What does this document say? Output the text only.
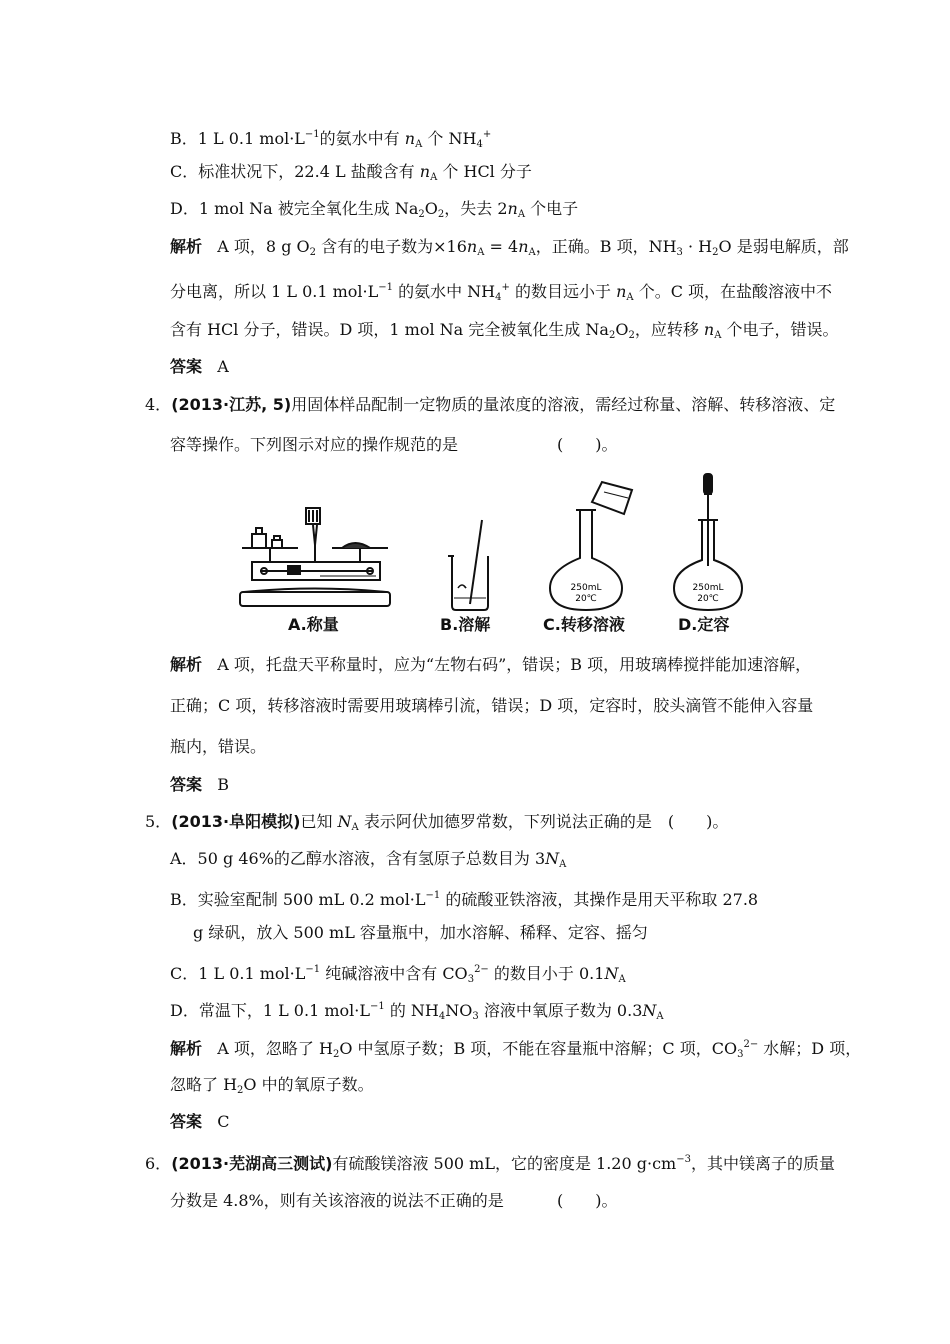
B．1 L 0.1 $mol\cdot L^{-1}$的氨水中有 $n_A$ 个 $NH_4^+$
C．标准状况下，22.4 L 盐酸含有 $n_A$ 个 HCl 分子
D．1 mol Na 被完全氧化生成 $Na_2O_2$，失去 $2n_A$ 个电子
解析 A 项，8 g $O_2$ 含有的电子数为$\times 16n_A = 4n_A$，正确。B 项，$NH_3 \cdot H_2O$ 是弱电解质，部
分电离，所以 1 L 0.1 $mol\cdot L^{-1}$ 的氨水中 $NH_4^+$ 的数目远小于 $n_A$ 个。C 项，在盐酸溶液中不
含有 HCl 分子，错误。D 项，1 mol Na 完全被氧化生成 $Na_2O_2$，应转移 $n_A$ 个电子，错误。
答案 A
4．(2013·江苏, 5)用固体样品配制一定物质的量浓度的溶液，需经过称量、溶解、转移溶液、定
容等操作。下列图示对应的操作规范的是	(　　)。
250mL
20℃
250mL
20℃
A.称量	B.溶解	C.转移溶液	D.定容
解析 A 项，托盘天平称量时，应为“左物右码”，错误；B 项，用玻璃棒搅拌能加速溶解，
正确；C 项，转移溶液时需要用玻璃棒引流，错误；D 项，定容时，胶头滴管不能伸入容量
瓶内，错误。
答案 B
5．(2013·阜阳模拟)已知 $N_A$ 表示阿伏加德罗常数，下列说法正确的是　(　　)。
A．50 g 46%的乙醇水溶液，含有氢原子总数目为 $3N_A$
B．实验室配制 500 mL 0.2 $mol\cdot L^{-1}$ 的硫酸亚铁溶液，其操作是用天平称取 27.8
g 绿矾，放入 500 mL 容量瓶中，加水溶解、稀释、定容、摇匀
C．1 L 0.1 $mol\cdot L^{-1}$ 纯碱溶液中含有 $CO_3^{2-}$ 的数目小于 $0.1N_A$
D．常温下，1 L 0.1 $mol\cdot L^{-1}$ 的 $NH_4NO_3$ 溶液中氧原子数为 $0.3N_A$
解析 A 项，忽略了 $H_2O$ 中氢原子数；B 项，不能在容量瓶中溶解；C 项，$CO_3^{2-}$ 水解；D 项，
忽略了 $H_2O$ 中的氧原子数。
答案 C
6．(2013·芜湖高三测试)有硫酸镁溶液 500 mL，它的密度是 1.20 $g\cdot cm^{-3}$，其中镁离子的质量
分数是 4.8%，则有关该溶液的说法不正确的是	(　　)。
